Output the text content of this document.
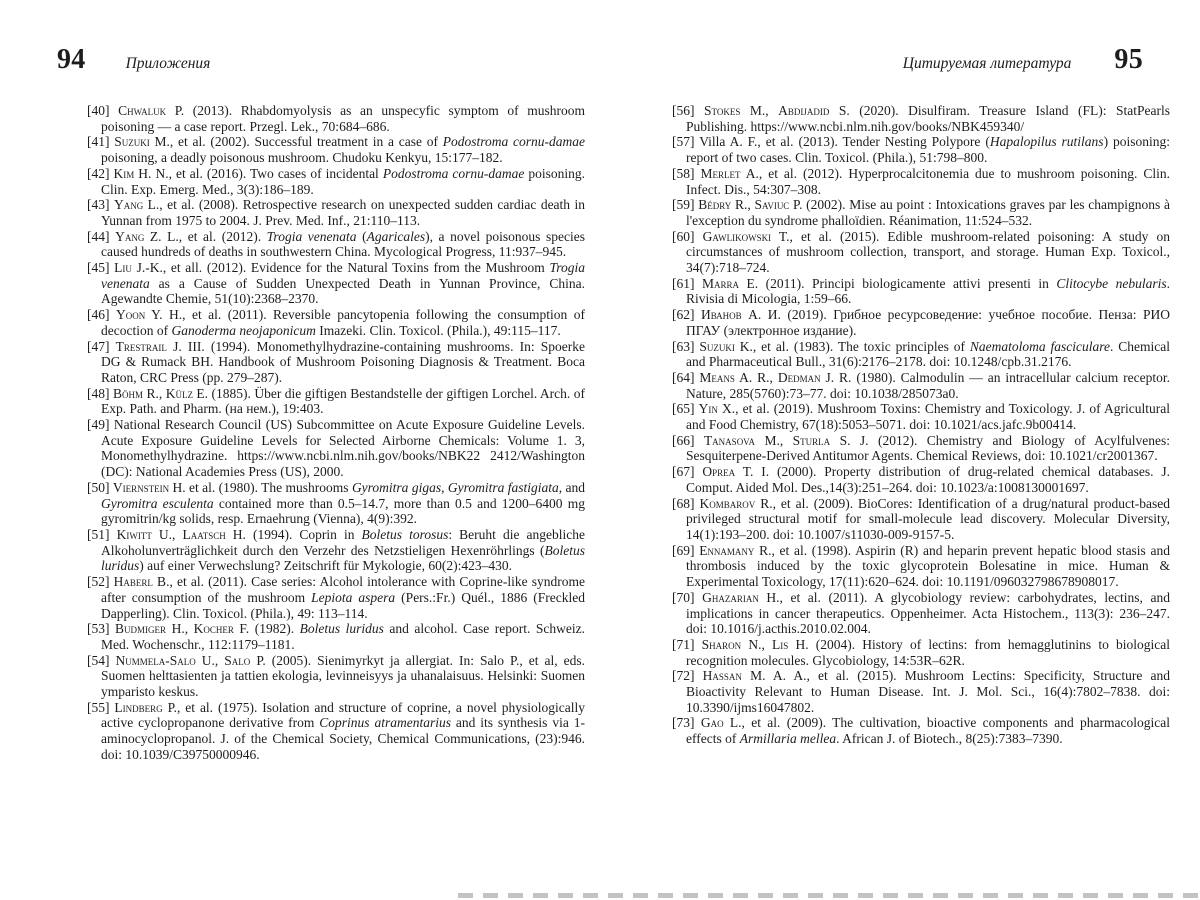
94	Приложения

[40] Chwaluk P. (2013). Rhabdomyolysis as an unspecyfic symptom of mushroom poisoning — a case report. Przegl. Lek., 70:684–686.

[41] Suzuki M., et al. (2002). Successful treatment in a case of Podostroma cornu-damae poisoning, a deadly poisonous mushroom. Chudoku Kenkyu, 15:177–182.

[42] Kim H. N., et al. (2016). Two cases of incidental Podostroma cornu-damae poisoning. Clin. Exp. Emerg. Med., 3(3):186–189.

[43] Yang L., et al. (2008). Retrospective research on unexpected sudden cardiac death in Yunnan from 1975 to 2004. J. Prev. Med. Inf., 21:110–113.

[44] Yang Z. L., et al. (2012). Trogia venenata (Agaricales), a novel poisonous species caused hundreds of deaths in southwestern China. Mycological Progress, 11:937–945.

[45] Liu J.-K., et all. (2012). Evidence for the Natural Toxins from the Mushroom Trogia venenata as a Cause of Sudden Unexpected Death in Yunnan Province, China. Agewandte Chemie, 51(10):2368–2370.

[46] Yoon Y. H., et al. (2011). Reversible pancytopenia following the consumption of decoction of Ganoderma neojaponicum Imazeki. Clin. Toxicol. (Phila.), 49:115–117.

[47] Trestrail J. III. (1994). Monomethylhydrazine-containing mushrooms. In: Spoerke DG & Rumack BH. Handbook of Mushroom Poisoning Diagnosis & Treatment. Boca Raton, CRC Press (pp. 279–287).

[48] Böhm R., Külz E. (1885). Über die giftigen Bestandstelle der giftigen Lorchel. Arch. of Exp. Path. and Pharm. (на нем.), 19:403.

[49] National Research Council (US) Subcommittee on Acute Exposure Guideline Levels. Acute Exposure Guideline Levels for Selected Airborne Chemicals: Volume 1. 3, Monomethylhydrazine. https://www.ncbi.nlm.nih.gov/books/NBK22 2412/Washington (DC): National Academies Press (US), 2000.

[50] Viernstein H. et al. (1980). The mushrooms Gyromitra gigas, Gyromitra fastigiata, and Gyromitra esculenta contained more than 0.5–14.7, more than 0.5 and 1200–6400 mg gyromitrin/kg solids, resp. Ernaehrung (Vienna), 4(9):392.

[51] Kiwitt U., Laatsch H. (1994). Coprin in Boletus torosus: Beruht die angebliche Alkoholunverträglichkeit durch den Verzehr des Netzstieligen Hexenröhrlings (Boletus luridus) auf einer Verwechslung? Zeitschrift für Mykologie, 60(2):423–430.

[52] Haberl B., et al. (2011). Case series: Alcohol intolerance with Coprine-like syndrome after consumption of the mushroom Lepiota aspera (Pers.:Fr.) Quél., 1886 (Freckled Dapperling). Clin. Toxicol. (Phila.), 49: 113–114.

[53] Budmiger H., Kocher F. (1982). Boletus luridus and alcohol. Case report. Schweiz. Med. Wochenschr., 112:1179–1181.

[54] Nummela-Salo U., Salo P. (2005). Sienimyrkyt ja allergiat. In: Salo P., et al, eds. Suomen helttasienten ja tattien ekologia, levinneisyys ja uhanalaisuus. Helsinki: Suomen ymparisto keskus.

[55] Lindberg P., et al. (1975). Isolation and structure of coprine, a novel physiologically active cyclopropanone derivative from Coprinus atramentarius and its synthesis via 1-aminocyclopropanol. J. of the Chemical Society, Chemical Communications, (23):946. doi: 10.1039/C39750000946.

Цитируемая литература 95

[56] Stokes M., Abdijadid S. (2020). Disulfiram. Treasure Island (FL): StatPearls Publishing. https://www.ncbi.nlm.nih.gov/books/NBK459340/

[57] Villa A. F., et al. (2013). Tender Nesting Polypore (Hapalopilus rutilans) poisoning: report of two cases. Clin. Toxicol. (Phila.), 51:798–800.

[58] Merlet A., et al. (2012). Hyperprocalcitonemia due to mushroom poisoning. Clin. Infect. Dis., 54:307–308.

[59] Bédry R., Saviuc P. (2002). Mise au point : Intoxications graves par les champignons à l'exception du syndrome phalloïdien. Réanimation, 11:524–532.

[60] Gawlikowski T., et al. (2015). Edible mushroom-related poisoning: A study on circumstances of mushroom collection, transport, and storage. Human Exp. Toxicol., 34(7):718–724.

[61] Marra E. (2011). Principi biologicamente attivi presenti in Clitocybe nebularis. Rivisia di Micologia, 1:59–66.

[62] Иванов А. И. (2019). Грибное ресурсоведение: учебное пособие. Пенза: РИО ПГАУ (электронное издание).

[63] Suzuki K., et al. (1983). The toxic principles of Naematoloma fasciculare. Chemical and Pharmaceutical Bull., 31(6):2176–2178. doi: 10.1248/cpb.31.2176.

[64] Means A. R., Dedman J. R. (1980). Calmodulin — an intracellular calcium receptor. Nature, 285(5760):73–77. doi: 10.1038/285073a0.

[65] Yin X., et al. (2019). Mushroom Toxins: Chemistry and Toxicology. J. of Agricultural and Food Chemistry, 67(18):5053–5071. doi: 10.1021/acs.jafc.9b00414.

[66] Tanasova M., Sturla S. J. (2012). Chemistry and Biology of Acylfulvenes: Sesquiterpene-Derived Antitumor Agents. Chemical Reviews, doi: 10.1021/cr2001367.

[67] Oprea T. I. (2000). Property distribution of drug-related chemical databases. J. Comput. Aided Mol. Des.,14(3):251–264. doi: 10.1023/a:1008130001697.

[68] Kombarov R., et al. (2009). BioCores: Identification of a drug/natural product-based privileged structural motif for small-molecule lead discovery. Molecular Diversity, 14(1):193–200. doi: 10.1007/s11030-009-9157-5.

[69] Ennamany R., et al. (1998). Aspirin (R) and heparin prevent hepatic blood stasis and thrombosis induced by the toxic glycoprotein Bolesatine in mice. Human & Experimental Toxicology, 17(11):620–624. doi: 10.1191/096032798678908017.

[70] Ghazarian H., et al. (2011). A glycobiology review: carbohydrates, lectins, and implications in cancer therapeutics. Oppenheimer. Acta Histochem., 113(3): 236–247. doi: 10.1016/j.acthis.2010.02.004.

[71] Sharon N., Lis H. (2004). History of lectins: from hemagglutinins to biological recognition molecules. Glycobiology, 14:53R–62R.

[72] Hassan M. A. A., et al. (2015). Mushroom Lectins: Specificity, Structure and Bioactivity Relevant to Human Disease. Int. J. Mol. Sci., 16(4):7802–7838. doi: 10.3390/ijms16047802.

[73] Gao L., et al. (2009). The cultivation, bioactive components and pharmacological effects of Armillaria mellea. African J. of Biotech., 8(25):7383–7390.
